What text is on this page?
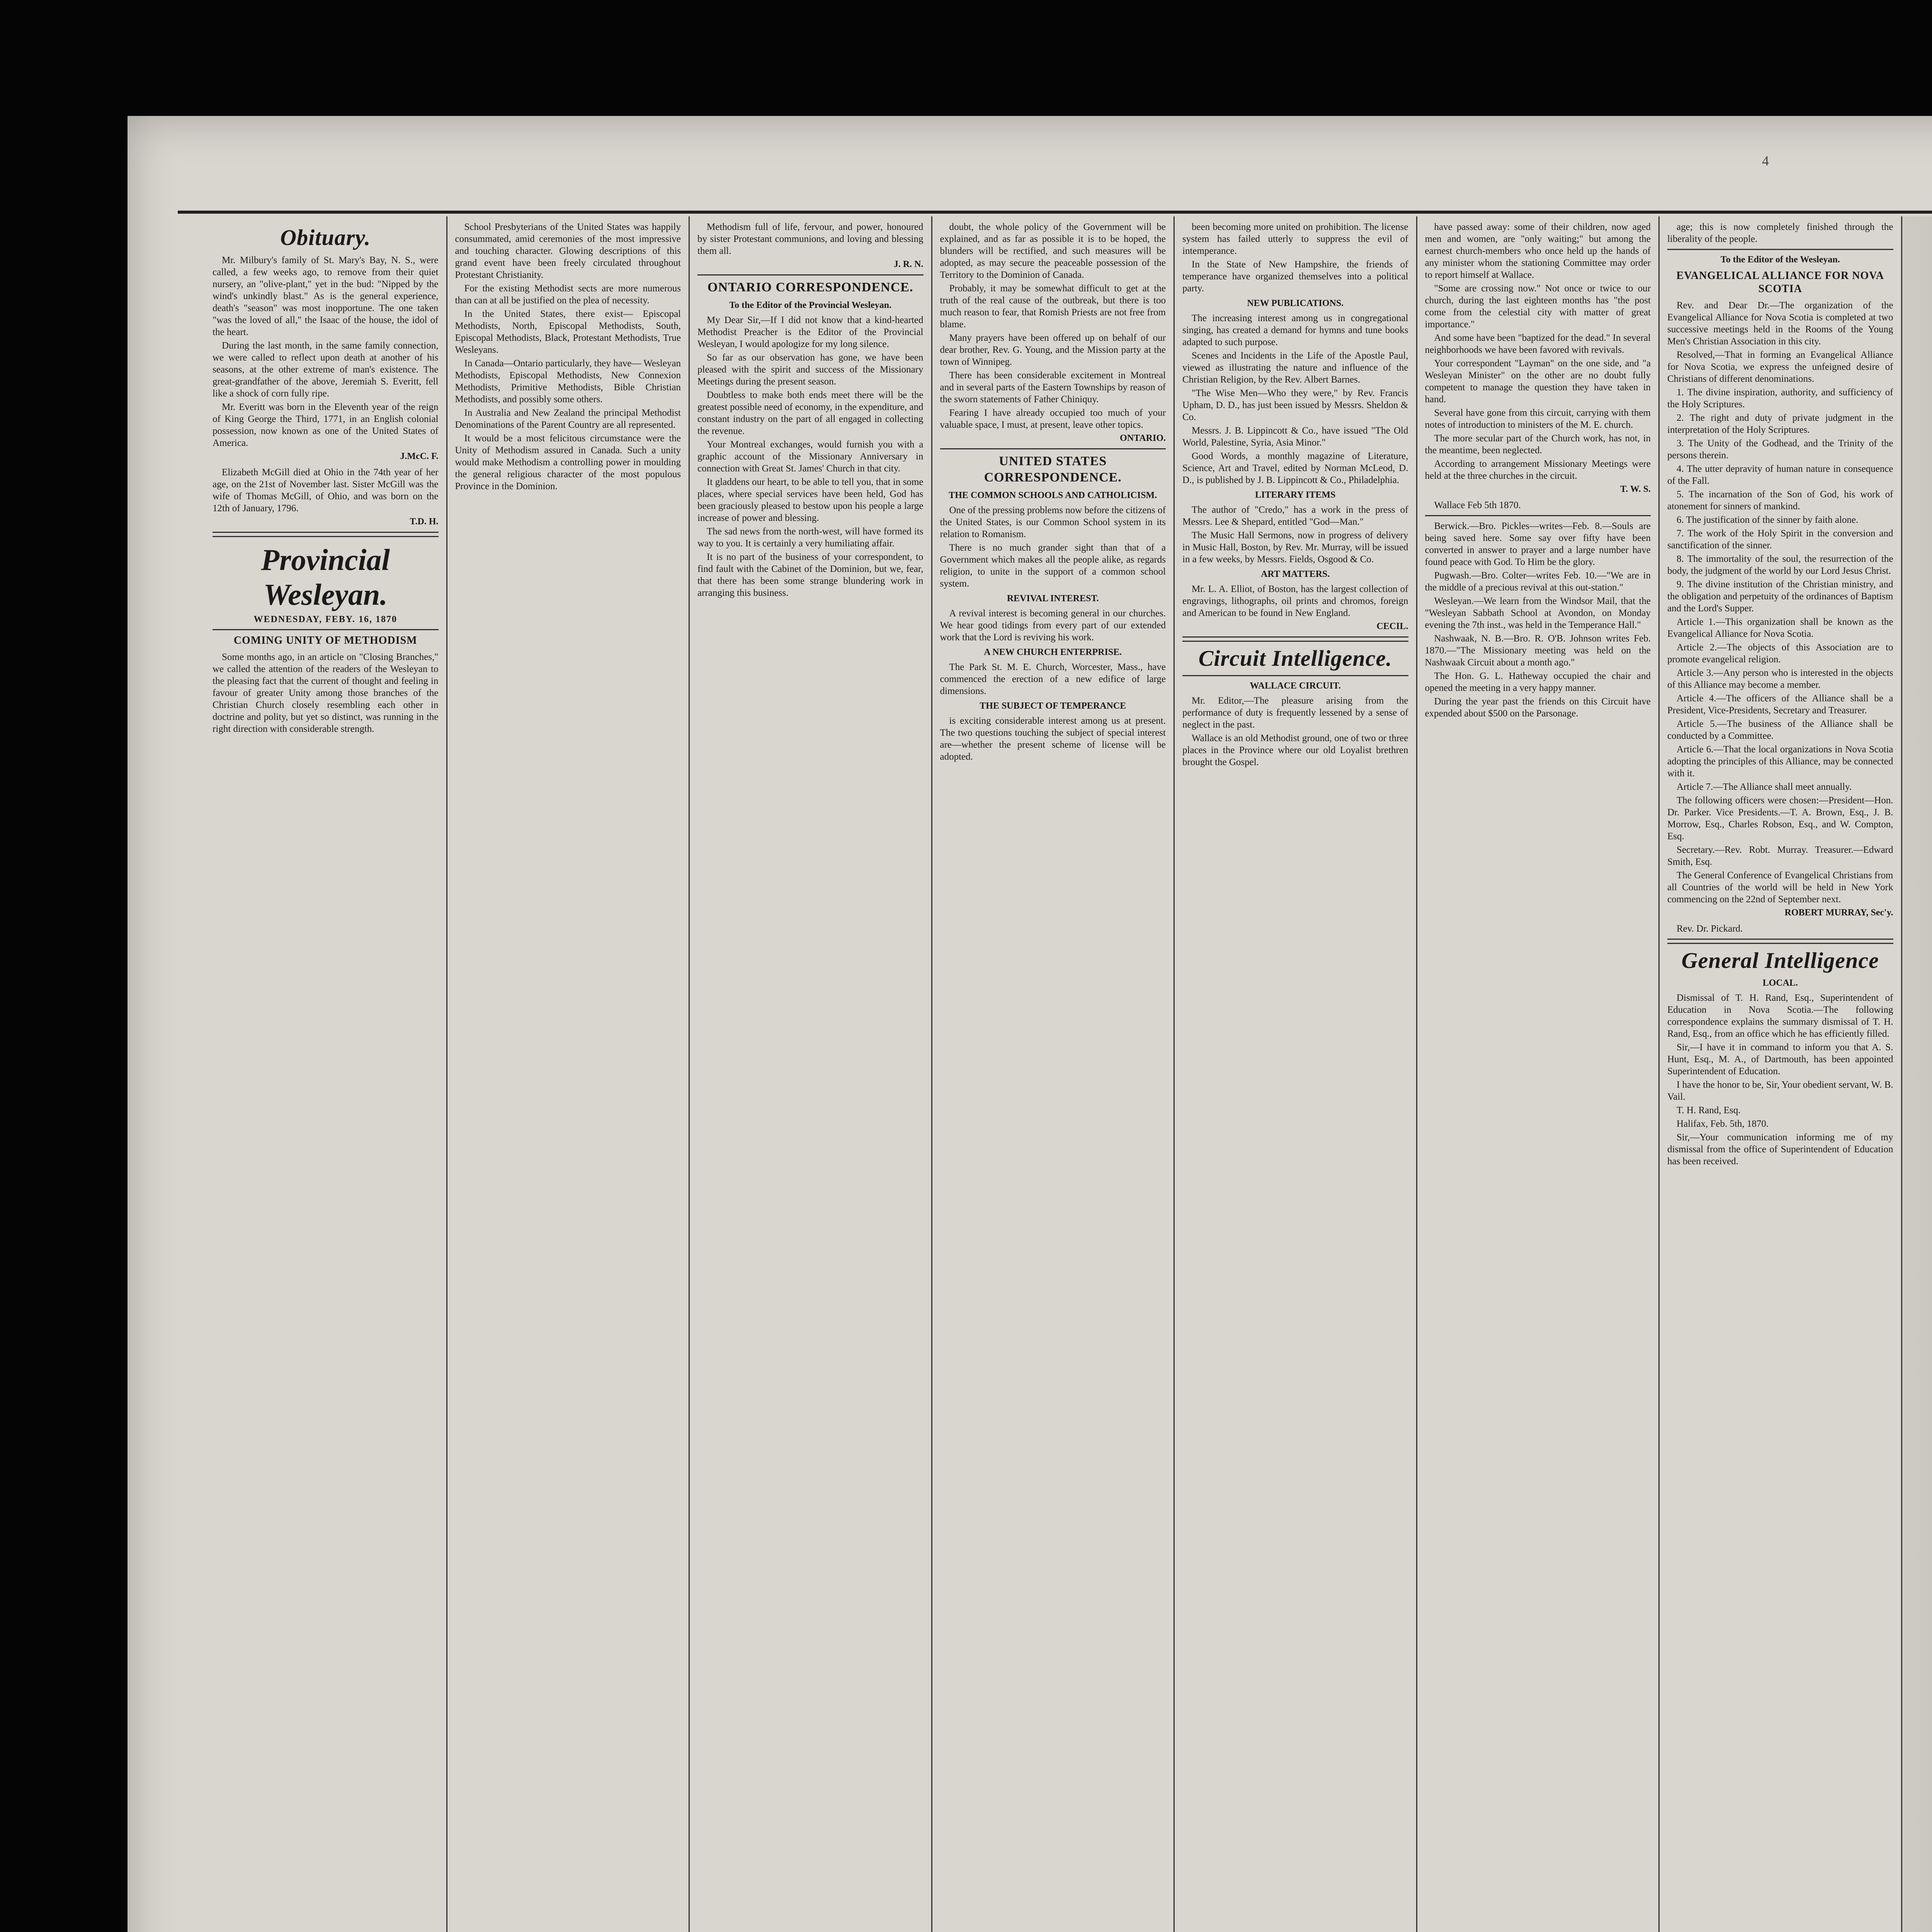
4
Obituary.
Mr. Milbury's family of St. Mary's Bay, N. S., were called, a few weeks ago, to remove from their quiet nursery, an "olive-plant," yet in the bud: "Nipped by the wind's unkindly blast." As is the general experience, death's "season" was most inopportune. The one taken "was the loved of all," the Isaac of the house, the idol of the heart.
During the last month, in the same family connection, we were called to reflect upon death at another of his seasons, at the other extreme of man's existence. The great-grandfather of the above, Jeremiah S. Everitt, fell like a shock of corn fully ripe.
Mr. Everitt was born in the Eleventh year of the reign of King George the Third, 1771, in an English colonial possession, now known as one of the United States of America.
J.McC. F.
Elizabeth McGill died at Ohio in the 74th year of her age, on the 21st of November last. Sister McGill was the wife of Thomas McGill, of Ohio, and was born on the 12th of January, 1796.
T.D. H.
Provincial Wesleyan.
WEDNESDAY, FEBY. 16, 1870
COMING UNITY OF METHODISM
Some months ago, in an article on "Closing Branches," we called the attention of the readers of the Wesleyan to the pleasing fact that the current of thought and feeling in favour of greater Unity among those branches of the Christian Church closely resembling each other in doctrine and polity, but yet so distinct, was running in the right direction with considerable strength.
School Presbyterians of the United States was happily consummated, amid ceremonies of the most impressive and touching character. Glowing descriptions of this grand event have been freely circulated throughout Protestant Christianity.
For the existing Methodist sects are more numerous than can at all be justified on the plea of necessity.
In the United States, there exist— Episcopal Methodists, North, Episcopal Methodists, South, Episcopal Methodists, Black, Protestant Methodists, True Wesleyans.
In Canada—Ontario particularly, they have— Wesleyan Methodists, Episcopal Methodists, New Connexion Methodists, Primitive Methodists, Bible Christian Methodists, and possibly some others.
In Australia and New Zealand the principal Methodist Denominations of the Parent Country are all represented.
It would be a most felicitous circumstance were the Unity of Methodism assured in Canada. Such a unity would make Methodism a controlling power in moulding the general religious character of the most populous Province in the Dominion.
Methodism full of life, fervour, and power, honoured by sister Protestant communions, and loving and blessing them all.
J. R. N.
ONTARIO CORRESPONDENCE.
To the Editor of the Provincial Wesleyan.
My Dear Sir,—If I did not know that a kind-hearted Methodist Preacher is the Editor of the Provincial Wesleyan, I would apologize for my long silence.
So far as our observation has gone, we have been pleased with the spirit and success of the Missionary Meetings during the present season.
Doubtless to make both ends meet there will be the greatest possible need of economy, in the expenditure, and constant industry on the part of all engaged in collecting the revenue.
Your Montreal exchanges, would furnish you with a graphic account of the Missionary Anniversary in connection with Great St. James' Church in that city.
It gladdens our heart, to be able to tell you, that in some places, where special services have been held, God has been graciously pleased to bestow upon his people a large increase of power and blessing.
The sad news from the north-west, will have formed its way to you. It is certainly a very humiliating affair.
It is no part of the business of your correspondent, to find fault with the Cabinet of the Dominion, but we, fear, that there has been some strange blundering work in arranging this business.
doubt, the whole policy of the Government will be explained, and as far as possible it is to be hoped, the blunders will be rectified, and such measures will be adopted, as may secure the peaceable possession of the Territory to the Dominion of Canada.
Probably, it may be somewhat difficult to get at the truth of the real cause of the outbreak, but there is too much reason to fear, that Romish Priests are not free from blame.
Many prayers have been offered up on behalf of our dear brother, Rev. G. Young, and the Mission party at the town of Winnipeg.
There has been considerable excitement in Montreal and in several parts of the Eastern Townships by reason of the sworn statements of Father Chiniquy.
Fearing I have already occupied too much of your valuable space, I must, at present, leave other topics.
ONTARIO.
UNITED STATES CORRESPONDENCE.
THE COMMON SCHOOLS AND CATHOLICISM.
One of the pressing problems now before the citizens of the United States, is our Common School system in its relation to Romanism.
There is no much grander sight than that of a Government which makes all the people alike, as regards religion, to unite in the support of a common school system.
REVIVAL INTEREST.
A revival interest is becoming general in our churches. We hear good tidings from every part of our extended work that the Lord is reviving his work.
A NEW CHURCH ENTERPRISE.
The Park St. M. E. Church, Worcester, Mass., have commenced the erection of a new edifice of large dimensions.
THE SUBJECT OF TEMPERANCE
is exciting considerable interest among us at present. The two questions touching the subject of special interest are—whether the present scheme of license will be adopted.
been becoming more united on prohibition. The license system has failed utterly to suppress the evil of intemperance.
In the State of New Hampshire, the friends of temperance have organized themselves into a political party.
NEW PUBLICATIONS.
The increasing interest among us in congregational singing, has created a demand for hymns and tune books adapted to such purpose.
Scenes and Incidents in the Life of the Apostle Paul, viewed as illustrating the nature and influence of the Christian Religion, by the Rev. Albert Barnes.
"The Wise Men—Who they were," by Rev. Francis Upham, D. D., has just been issued by Messrs. Sheldon & Co.
Messrs. J. B. Lippincott & Co., have issued "The Old World, Palestine, Syria, Asia Minor."
Good Words, a monthly magazine of Literature, Science, Art and Travel, edited by Norman McLeod, D. D., is published by J. B. Lippincott & Co., Philadelphia.
LITERARY ITEMS
The author of "Credo," has a work in the press of Messrs. Lee & Shepard, entitled "God—Man."
The Music Hall Sermons, now in progress of delivery in Music Hall, Boston, by Rev. Mr. Murray, will be issued in a few weeks, by Messrs. Fields, Osgood & Co.
ART MATTERS.
Mr. L. A. Elliot, of Boston, has the largest collection of engravings, lithographs, oil prints and chromos, foreign and American to be found in New England.
CECIL.
Circuit Intelligence.
WALLACE CIRCUIT.
Mr. Editor,—The pleasure arising from the performance of duty is frequently lessened by a sense of neglect in the past.
Wallace is an old Methodist ground, one of two or three places in the Province where our old Loyalist brethren brought the Gospel.
have passed away: some of their children, now aged men and women, are "only waiting;" but among the earnest church-members who once held up the hands of any minister whom the stationing Committee may order to report himself at Wallace.
"Some are crossing now." Not once or twice to our church, during the last eighteen months has "the post come from the celestial city with matter of great importance."
And some have been "baptized for the dead." In several neighborhoods we have been favored with revivals.
Your correspondent "Layman" on the one side, and "a Wesleyan Minister" on the other are no doubt fully competent to manage the question they have taken in hand.
Several have gone from this circuit, carrying with them notes of introduction to ministers of the M. E. church.
The more secular part of the Church work, has not, in the meantime, been neglected.
According to arrangement Missionary Meetings were held at the three churches in the circuit.
T. W. S.
Wallace Feb 5th 1870.
Berwick.—Bro. Pickles—writes—Feb. 8.—Souls are being saved here. Some say over fifty have been converted in answer to prayer and a large number have found peace with God. To Him be the glory.
Pugwash.—Bro. Colter—writes Feb. 10.—"We are in the middle of a precious revival at this out-station."
Wesleyan.—We learn from the Windsor Mail, that the "Wesleyan Sabbath School at Avondon, on Monday evening the 7th inst., was held in the Temperance Hall."
Nashwaak, N. B.—Bro. R. O'B. Johnson writes Feb. 1870.—"The Missionary meeting was held on the Nashwaak Circuit about a month ago."
The Hon. G. L. Hatheway occupied the chair and opened the meeting in a very happy manner.
During the year past the friends on this Circuit have expended about $500 on the Parsonage.
age; this is now completely finished through the liberality of the people.
To the Editor of the Wesleyan.
EVANGELICAL ALLIANCE FOR NOVA SCOTIA
Rev. and Dear Dr.—The organization of the Evangelical Alliance for Nova Scotia is completed at two successive meetings held in the Rooms of the Young Men's Christian Association in this city.
Resolved,—That in forming an Evangelical Alliance for Nova Scotia, we express the unfeigned desire of Christians of different denominations.
1. The divine inspiration, authority, and sufficiency of the Holy Scriptures.
2. The right and duty of private judgment in the interpretation of the Holy Scriptures.
3. The Unity of the Godhead, and the Trinity of the persons therein.
4. The utter depravity of human nature in consequence of the Fall.
5. The incarnation of the Son of God, his work of atonement for sinners of mankind.
6. The justification of the sinner by faith alone.
7. The work of the Holy Spirit in the conversion and sanctification of the sinner.
8. The immortality of the soul, the resurrection of the body, the judgment of the world by our Lord Jesus Christ.
9. The divine institution of the Christian ministry, and the obligation and perpetuity of the ordinances of Baptism and the Lord's Supper.
Article 1.—This organization shall be known as the Evangelical Alliance for Nova Scotia.
Article 2.—The objects of this Association are to promote evangelical religion.
Article 3.—Any person who is interested in the objects of this Alliance may become a member.
Article 4.—The officers of the Alliance shall be a President, Vice-Presidents, Secretary and Treasurer.
Article 5.—The business of the Alliance shall be conducted by a Committee.
Article 6.—That the local organizations in Nova Scotia adopting the principles of this Alliance, may be connected with it.
Article 7.—The Alliance shall meet annually.
The following officers were chosen:—President—Hon. Dr. Parker. Vice Presidents.—T. A. Brown, Esq., J. B. Morrow, Esq., Charles Robson, Esq., and W. Compton, Esq.
Secretary.—Rev. Robt. Murray. Treasurer.—Edward Smith, Esq.
The General Conference of Evangelical Christians from all Countries of the world will be held in New York commencing on the 22nd of September next.
ROBERT MURRAY, Sec'y.
Rev. Dr. Pickard.
General Intelligence
LOCAL.
Dismissal of T. H. Rand, Esq., Superintendent of Education in Nova Scotia.—The following correspondence explains the summary dismissal of T. H. Rand, Esq., from an office which he has efficiently filled.
Sir,—I have it in command to inform you that A. S. Hunt, Esq., M. A., of Dartmouth, has been appointed Superintendent of Education.
I have the honor to be, Sir, Your obedient servant, W. B. Vail.
T. H. Rand, Esq.
Halifax, Feb. 5th, 1870.
Sir,—Your communication informing me of my dismissal from the office of Superintendent of Education has been received.
